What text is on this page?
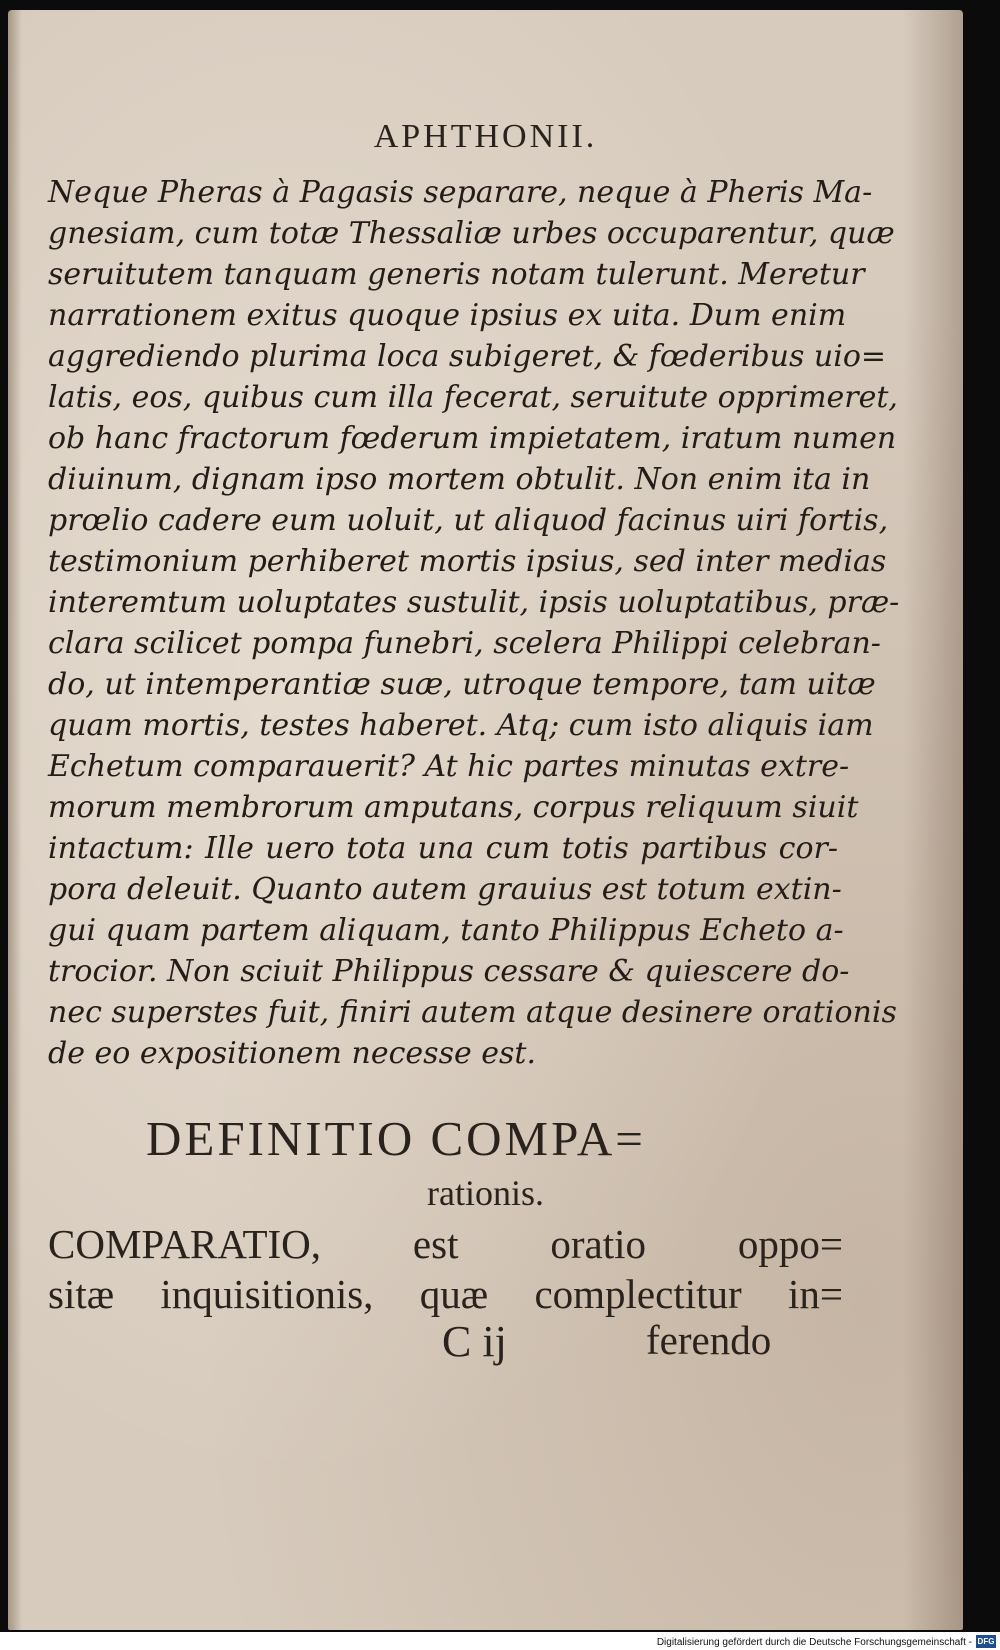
APHTHONII.
Neque Pheras à Pagasis separare, neque à Pheris Ma-
gnesiam, cum totæ Thessaliæ urbes occuparentur, quæ
seruitutem tanquam generis notam tulerunt. Meretur
narrationem exitus quoque ipsius ex uita. Dum enim
aggrediendo plurima loca subigeret, & fœderibus uio=
latis, eos, quibus cum illa fecerat, seruitute opprimeret,
ob hanc fractorum fœderum impietatem, iratum numen
diuinum, dignam ipso mortem obtulit. Non enim ita in
prœlio cadere eum uoluit, ut aliquod facinus uiri fortis,
testimonium perhiberet mortis ipsius, sed inter medias
interemtum uoluptates sustulit, ipsis uoluptatibus, præ-
clara scilicet pompa funebri, scelera Philippi celebran-
do, ut intemperantiæ suæ, utroque tempore, tam uitæ
quam mortis, testes haberet. Atq; cum isto aliquis iam
Echetum comparauerit? At hic partes minutas extre-
morum membrorum amputans, corpus reliquum siuit
intactum: Ille uero tota una cum totis partibus cor-
pora deleuit. Quanto autem grauius est totum extin-
gui quam partem aliquam, tanto Philippus Echeto a-
trocior. Non sciuit Philippus cessare & quiescere do-
nec superstes fuit, finiri autem atque desinere orationis
de eo expositionem necesse est.
DEFINITIO COMPA=
rationis.
COMPARATIO, est oratio oppo=
sitæ inquisitionis, quæ complectitur in=
C ij	ferendo
Digitalisierung gefördert durch die Deutsche Forschungsgemeinschaft - DFG
